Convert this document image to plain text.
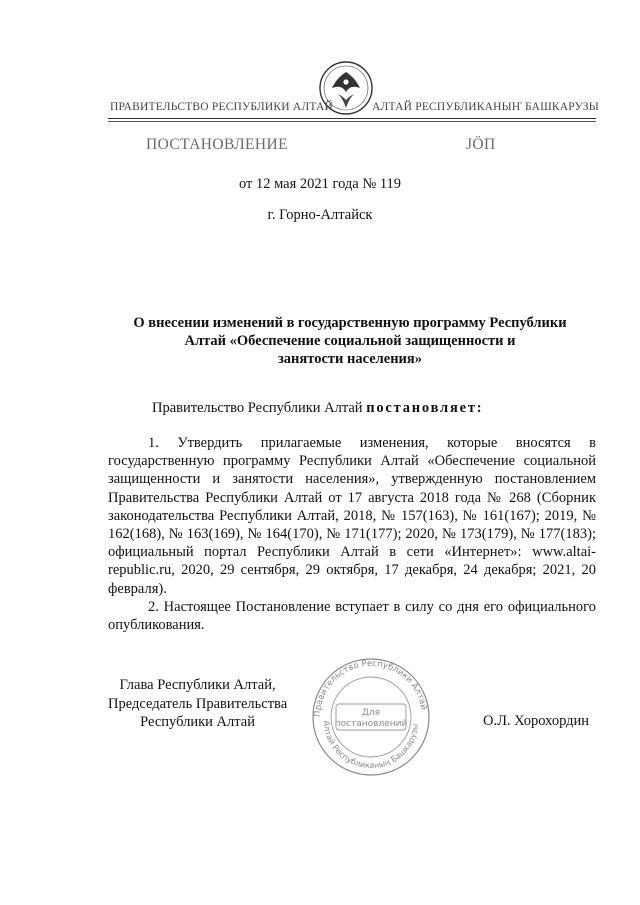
ПРАВИТЕЛЬСТВО РЕСПУБЛИКИ АЛТАЙ	АЛТАЙ РЕСПУБЛИКАНЫҤ БАШКАРУЗЫ
ПОСТАНОВЛЕНИЕ	ЈÖП
от 12 мая 2021 года № 119
г. Горно-Алтайск
О внесении изменений в государственную программу Республики
Алтай «Обеспечение социальной защищенности и
занятости населения»
Правительство Республики Алтай постановляет:

1. Утвердить прилагаемые изменения, которые вносятся в государственную программу Республики Алтай «Обеспечение социальной защищенности и занятости населения», утвержденную постановлением Правительства Республики Алтай от 17 августа 2018 года № 268 (Сборник законодательства Республики Алтай, 2018, № 157(163), № 161(167); 2019, № 162(168), № 163(169), № 164(170), № 171(177); 2020, № 173(179), № 177(183); официальный портал Республики Алтай в сети «Интернет»: www.altai-republic.ru, 2020, 29 сентября, 29 октября, 17 декабря, 24 декабря; 2021, 20 февраля).

2. Настоящее Постановление вступает в силу со дня его официального опубликования.

Глава Республики Алтай,
Председатель Правительства
Республики Алтай
Правительство Республики Алтай
Алтай Республиканың Башкарузы
Для
постановлений	О.Л. Хорохордин
